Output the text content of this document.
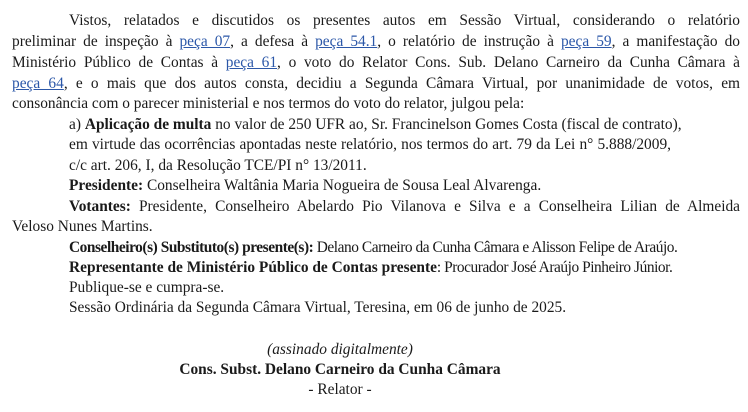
Vistos, relatados e discutidos os presentes autos em Sessão Virtual, considerando o relatório
preliminar de inspeção à peça 07, a defesa à peça 54.1, o relatório de instrução à peça 59, a manifestação do
Ministério Público de Contas à peça 61, o voto do Relator Cons. Sub. Delano Carneiro da Cunha Câmara à
peça 64, e o mais que dos autos consta, decidiu a Segunda Câmara Virtual, por unanimidade de votos, em
consonância com o parecer ministerial e nos termos do voto do relator, julgou pela:
a) Aplicação de multa no valor de 250 UFR ao, Sr. Francinelson Gomes Costa (fiscal de contrato),
em virtude das ocorrências apontadas neste relatório, nos termos do art. 79 da Lei n° 5.888/2009,
c/c art. 206, I, da Resolução TCE/PI n° 13/2011.
Presidente: Conselheira Waltânia Maria Nogueira de Sousa Leal Alvarenga.
Votantes: Presidente, Conselheiro Abelardo Pio Vilanova e Silva e a Conselheira Lilian de Almeida
Veloso Nunes Martins.
Conselheiro(s) Substituto(s) presente(s): Delano Carneiro da Cunha Câmara e Alisson Felipe de Araújo.
Representante de Ministério Público de Contas presente: Procurador José Araújo Pinheiro Júnior.
Publique-se e cumpra-se.
Sessão Ordinária da Segunda Câmara Virtual, Teresina, em 06 de junho de 2025.
(assinado digitalmente)
Cons. Subst. Delano Carneiro da Cunha Câmara
- Relator -
